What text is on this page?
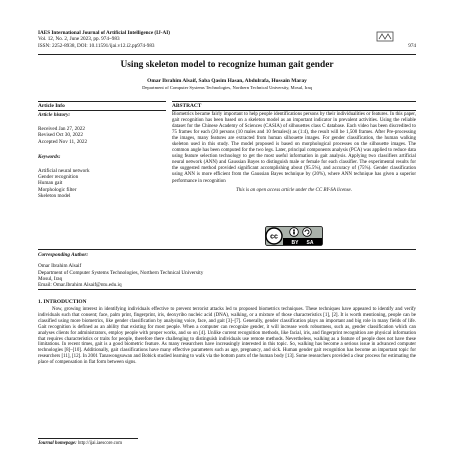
IAES International Journal of Artificial Intelligence (IJ-AI)
Vol. 12, No. 2, June 2023, pp. 974~983
ISSN: 2252-8938, DOI: 10.11591/ijai.v12.i2.pp974-983	974
Using skeleton model to recognize human gait gender
Omar Ibrahim Alsaif, Saba Qasim Hasan, Abdulrafa, Hussain Maray
Department of Computer Systems Technologies, Northern Technical University, Mosul, Iraq
Article Info	ABSTRACT
Article history:
Received Jan 27, 2022
Revised Oct 30, 2022
Accepted Nov 11, 2022
Keywords:
Artificial neural network
Gender recognition
Human gait
Morphologic filter
Skeleton model
Biometrics became fairly important to help people identifications persons by their individualities or features. In this paper, gait recognition has been based on a skeleton model as an important indicator in prevalent activities. Using the reliable dataset for the Chinese Academy of Sciences (CASIA) of silhouettes class C database. Each video has been discredited to 75 frames for each (20 persons (10 males and 10 females)) as (1:4), the result will be 1,500 frames. After Pre-processing the images, many features are extracted from human silhouette images. For gender classification, the human walking skeleton used in this study. The model proposed is based on morphological processes on the silhouette images. The common angle has been computed for the two legs. Later, principal components analysis (PCA) was applied to reduce data using feature selection technology to get the most useful information in gait analysis. Applying two classifiers artificial neural network (ANN) and Gaussian Bayes to distinguish male or female for each classifier. The experimental results for the suggested method provided significant accomplishing about (95.5%), and accuracy of (75%). Gender classification using ANN is more efficient from the Gaussian Bayes technique by (20%), where ANN technique has given a superior performance in recognition
This is an open access article under the CC BY-SA license.
cc
BY SA
Corresponding Author:
Omar Ibrahim Alsaif
Department of Computer Systems Technologies, Northern Technical University
Mosul, Iraq
Email: Omar.Ibrahim Alsaif@ntu.edu.iq
1. INTRODUCTION
Now, growing interest in identifying individuals effective to prevent terrorist attacks led to proposed biometrics techniques. These techniques have appeared to identify and verify individuals such that consent; face, palm print, fingerprint, iris, deoxyribo nucleic acid (DNA), walking, or a mixture of those characteristics [1], [2]. It is worth mentioning, people can be classified using more biometrics, like gender classification by analysing voice, face, and gait [3]–[7]. Generally, gender classification plays an important and big role in many fields of life. Gait recognition is defined as an ability that existing for most people. When a computer can recognize gender, it will increase work robustness, such as, gender classification which can analyses clients for administrators, employ people with proper works, and so on [4]. Unlike current recognition methods, like facial, iris, and fingerprint recognition are physical information that requires characteristics or traits for people, therefore there challenging to distinguish individuals use remote methods. Nevertheless, walking as a feature of people does not have these limitations. In recent times, gait is a good biometric feature. As many researchers have increasingly interested in this topic. So, walking has become a serious issue in advanced computer technologies [8]–[10]. Additionally, gait classifications have many effective parameters such as age, pregnancy, and sick. Human gender gait recognition has become an important topic for researchers [11], [12]. In 2001 Tanawongsuwan and Bobick studied learning to walk via the bottom parts of the human body [13]. Some researchers provided a clear process for estimating the place of compensation in flat form between signs.
Journal homepage: http://ijai.iaescore.com
